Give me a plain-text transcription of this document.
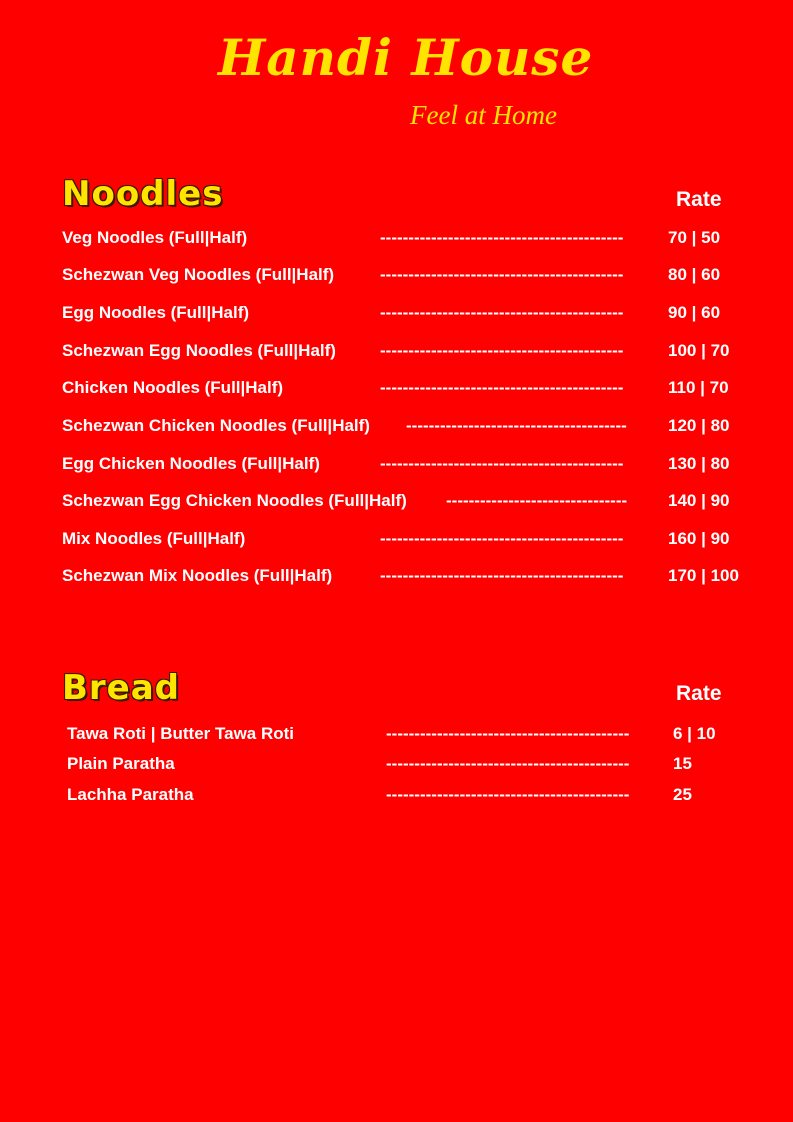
Handi House
Feel at Home
Noodles	Rate
Veg Noodles (Full|Half)	-------------------------------------------	70 | 50
Schezwan Veg Noodles (Full|Half)	-------------------------------------------	80 | 60
Egg Noodles (Full|Half)	-------------------------------------------	90 | 60
Schezwan Egg Noodles (Full|Half)	-------------------------------------------	100 | 70
Chicken Noodles (Full|Half)	-------------------------------------------	110 | 70
Schezwan Chicken Noodles (Full|Half) ---------------------------------------	120 | 80
Egg Chicken Noodles (Full|Half)	-------------------------------------------	130 | 80
Schezwan Egg Chicken Noodles (Full|Half) --------------------------------	140 | 90
Mix Noodles (Full|Half)	-------------------------------------------	160 | 90
Schezwan Mix Noodles (Full|Half)	-------------------------------------------	170 | 100
Bread	Rate
Tawa Roti | Butter Tawa Roti	-------------------------------------------	6 | 10
Plain Paratha	-------------------------------------------	15
Lachha Paratha	-------------------------------------------	25
